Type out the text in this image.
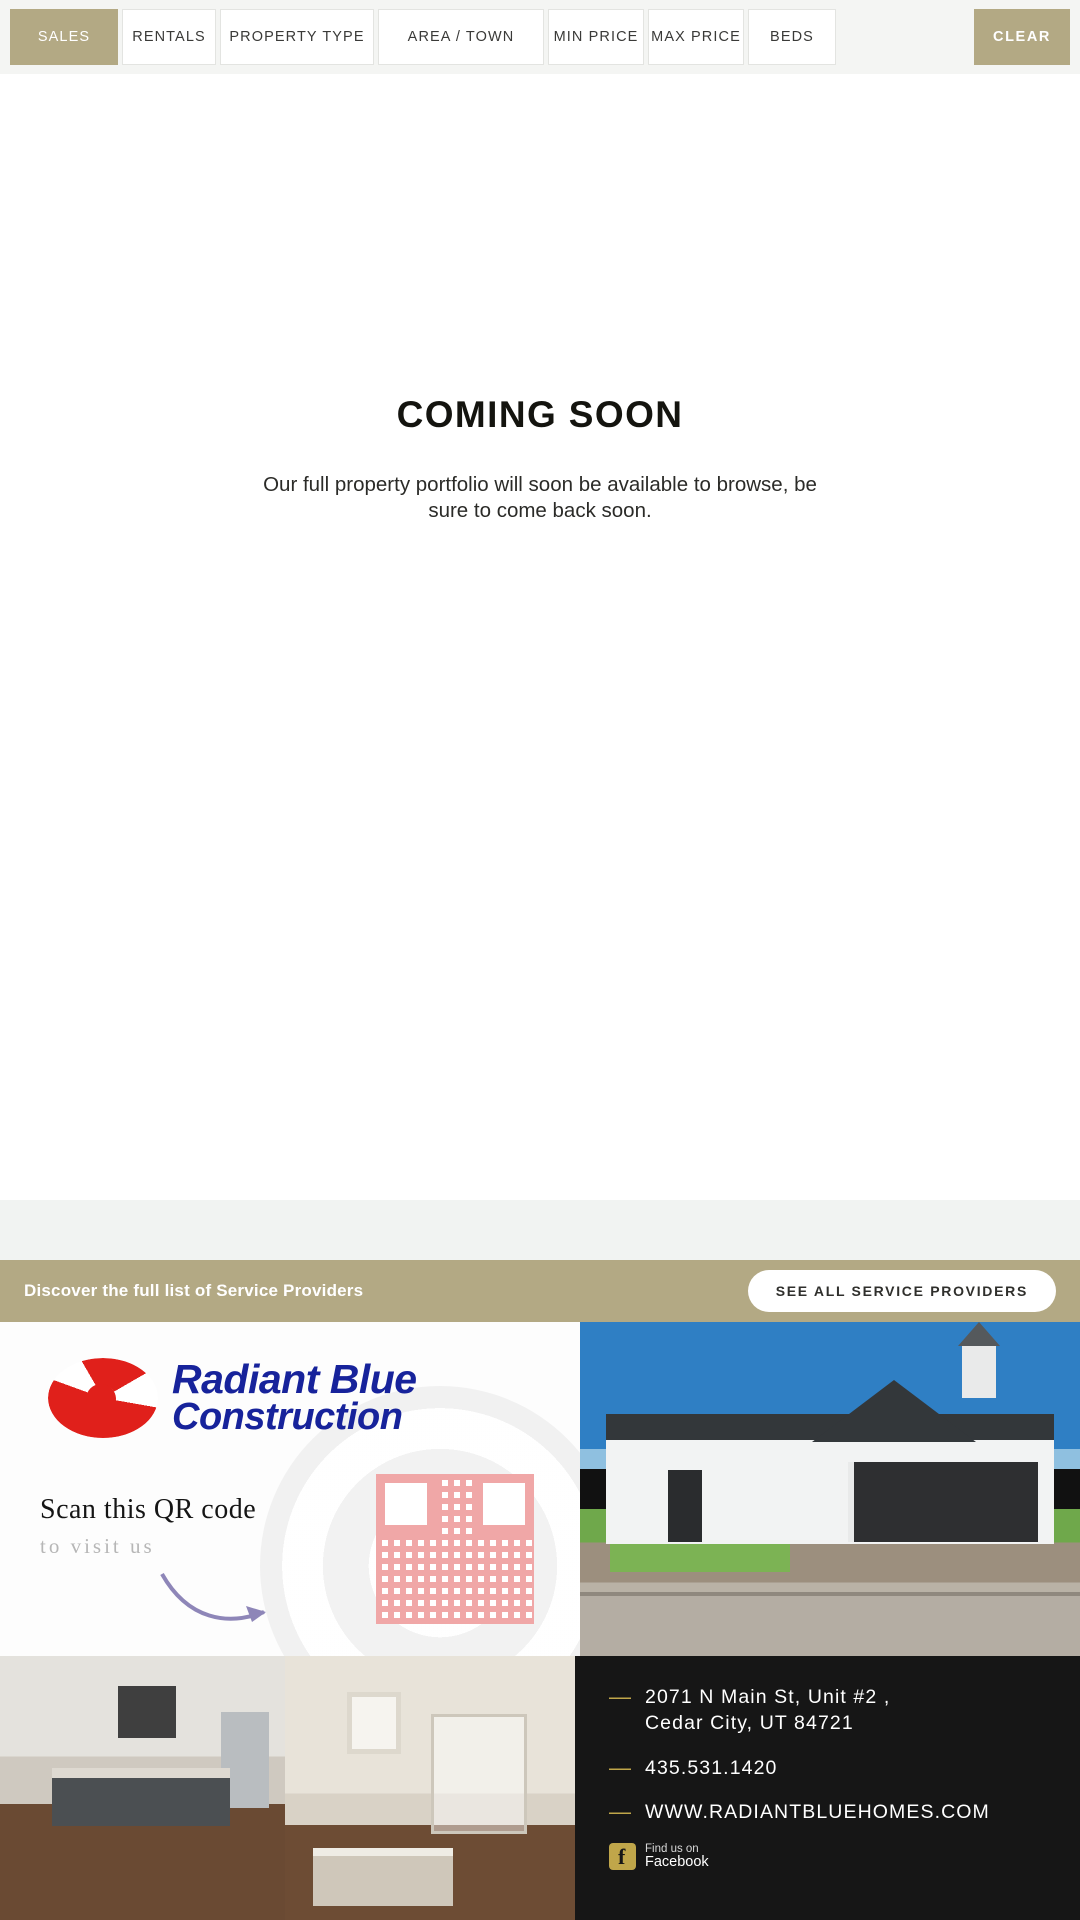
SALES	RENTALS PROPERTY TYPE	AREA / TOWN	MIN PRICE MAX PRICE BEDS	CLEAR
COMING SOON
Our full property portfolio will soon be available to browse, be sure to come back soon.
Discover the full list of Service Providers	SEE ALL SERVICE PROVIDERS
Radiant Blue
Construction
Scan this QR code
to visit us
— 2071 N Main St, Unit #2 ,
Cedar City, UT 84721
— 435.531.1420
— WWW.RADIANTBLUEHOMES.COM
f
Find us on
Facebook
